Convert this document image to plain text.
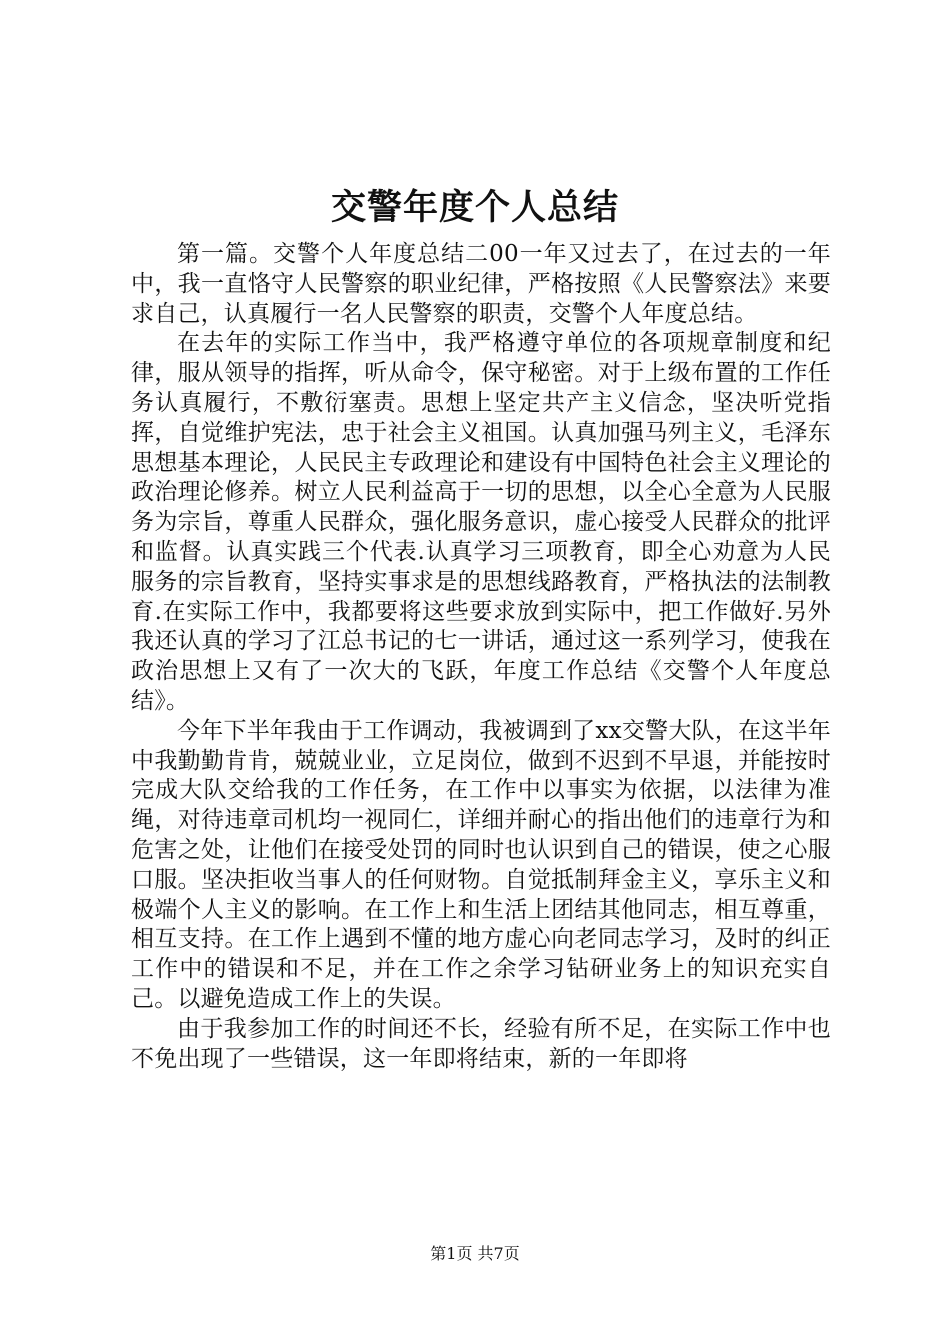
交警年度个人总结

第一篇。交警个人年度总结二00一年又过去了，在过去的一年中，我一直恪守人民警察的职业纪律，严格按照《人民警察法》来要求自己，认真履行一名人民警察的职责，交警个人年度总结。

在去年的实际工作当中，我严格遵守单位的各项规章制度和纪律，服从领导的指挥，听从命令，保守秘密。对于上级布置的工作任务认真履行，不敷衍塞责。思想上坚定共产主义信念，坚决听党指挥，自觉维护宪法，忠于社会主义祖国。认真加强马列主义，毛泽东思想基本理论，人民民主专政理论和建设有中国特色社会主义理论的政治理论修养。树立人民利益高于一切的思想，以全心全意为人民服务为宗旨，尊重人民群众，强化服务意识，虚心接受人民群众的批评和监督。认真实践三个代表.认真学习三项教育，即全心劝意为人民服务的宗旨教育，坚持实事求是的思想线路教育，严格执法的法制教育.在实际工作中，我都要将这些要求放到实际中，把工作做好.另外我还认真的学习了江总书记的七一讲话，通过这一系列学习，使我在政治思想上又有了一次大的飞跃，年度工作总结《交警个人年度总结》。

今年下半年我由于工作调动，我被调到了xx交警大队，在这半年中我勤勤肯肯，兢兢业业，立足岗位，做到不迟到不早退，并能按时完成大队交给我的工作任务，在工作中以事实为依据，以法律为准绳，对待违章司机均一视同仁，详细并耐心的指出他们的违章行为和危害之处，让他们在接受处罚的同时也认识到自己的错误，使之心服口服。坚决拒收当事人的任何财物。自觉抵制拜金主义，享乐主义和极端个人主义的影响。在工作上和生活上团结其他同志，相互尊重，相互支持。在工作上遇到不懂的地方虚心向老同志学习，及时的纠正工作中的错误和不足，并在工作之余学习钻研业务上的知识充实自己。以避免造成工作上的失误。

由于我参加工作的时间还不长，经验有所不足，在实际工作中也不免出现了一些错误，这一年即将结束，新的一年即将

第1页 共7页
